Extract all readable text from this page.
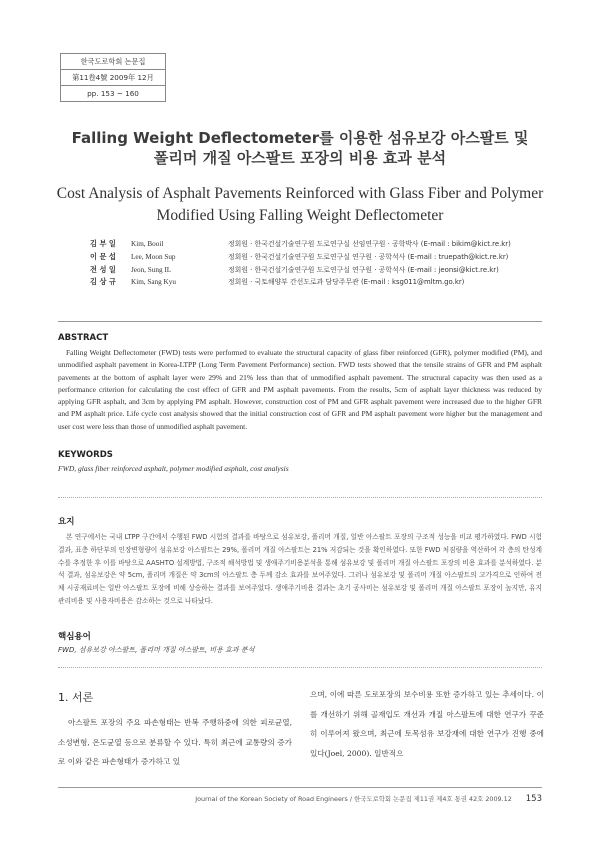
한국도로학회 논문집
第11卷4號 2009年 12月
pp. 153 ~ 160
Falling Weight Deflectometer를 이용한 섬유보강 아스팔트 및
폴리머 개질 아스팔트 포장의 비용 효과 분석
Cost Analysis of Asphalt Pavements Reinforced with Glass Fiber and Polymer
Modified Using Falling Weight Deflectometer
김 부 일	Kim, Booil	정회원 · 한국건설기술연구원 도로연구실 선임연구원 · 공학박사 (E-mail : bikim@kict.re.kr)
이 문 섭	Lee, Moon Sup	정회원 · 한국건설기술연구원 도로연구실 연구원 · 공학석사 (E-mail : truepath@kict.re.kr)
전 성 일	Jeon, Sung IL	정회원 · 한국건설기술연구원 도로연구실 연구원 · 공학석사 (E-mail : jeonsi@kict.re.kr)
김 상 규	Kim, Sang Kyu	정회원 · 국토해양부 간선도로과 담당주무관 (E-mail : ksg011@mltm.go.kr)
ABSTRACT
Falling Weight Deflectometer (FWD) tests were performed to evaluate the structural capacity of glass fiber reinforced (GFR), polymer modified (PM), and unmodified asphalt pavement in Korea-LTPP (Long Term Pavement Performance) section. FWD tests showed that the tensile strains of GFR and PM asphalt pavements at the bottom of asphalt layer were 29% and 21% less than that of unmodified asphalt pavement. The structural capacity was then used as a performance criterion for calculating the cost effect of GFR and PM asphalt pavements. From the results, 5cm of asphalt layer thickness was reduced by applying GFR asphalt, and 3cm by applying PM asphalt. However, construction cost of PM and GFR asphalt pavement were increased due to the higher GFR and PM asphalt price. Life cycle cost analysis showed that the initial construction cost of GFR and PM asphalt pavement were higher but the management and user cost were less than those of unmodified asphalt pavement.
KEYWORDS
FWD, glass fiber reinforced asphalt, polymer modified asphalt, cost analysis
요지
본 연구에서는 국내 LTPP 구간에서 수행된 FWD 시험의 결과를 바탕으로 섬유보강, 폴리머 개질, 일반 아스팔트 포장의 구조적 성능을 비교 평가하였다. FWD 시험 결과, 표층 하단부의 인장변형량이 섬유보강 아스팔트는 29%, 폴리머 개질 아스팔트는 21% 저감되는 것을 확인하였다. 또한 FWD 처짐량을 역산하여 각 층의 탄성계수를 추정한 후 이를 바탕으로 AASHTO 설계방법, 구조적 해석방법 및 생애주기비용분석을 통해 섬유보강 및 폴리머 개질 아스팔트 포장의 비용 효과를 분석하였다. 분석 결과, 섬유보강은 약 5cm, 폴리머 개질은 약 3cm의 아스팔트 층 두께 감소 효과를 보여주었다. 그러나 섬유보강 및 폴리머 개질 아스팔트의 고가격으로 인하여 전체 시공재료비는 일반 아스팔트 포장에 비해 상승하는 결과를 보여주었다. 생애주기비용 결과는 초기 공사비는 섬유보강 및 폴리머 개질 아스팔트 포장이 높지만, 유지관리비용 및 사용자비용은 감소하는 것으로 나타났다.
핵심용어
FWD, 섬유보강 아스팔트, 폴리머 개질 아스팔트, 비용 효과 분석
1. 서론
아스팔트 포장의 주요 파손형태는 반복 주행하중에 의한 피로균열, 소성변형, 온도균열 등으로 분류할 수 있다. 특히 최근에 교통량의 증가로 이와 같은 파손형태가 증가하고 있
으며, 이에 따른 도로포장의 보수비용 또한 증가하고 있는 추세이다. 이를 개선하기 위해 골재입도 개선과 개질 아스팔트에 대한 연구가 꾸준히 이루어져 왔으며, 최근에 토목섬유 보강재에 대한 연구가 진행 중에 있다(Joel, 2000). 일반적으
Journal of the Korean Society of Road Engineers / 한국도로학회 논문집 제11권 제4호 통권 42호 2009.12 153
